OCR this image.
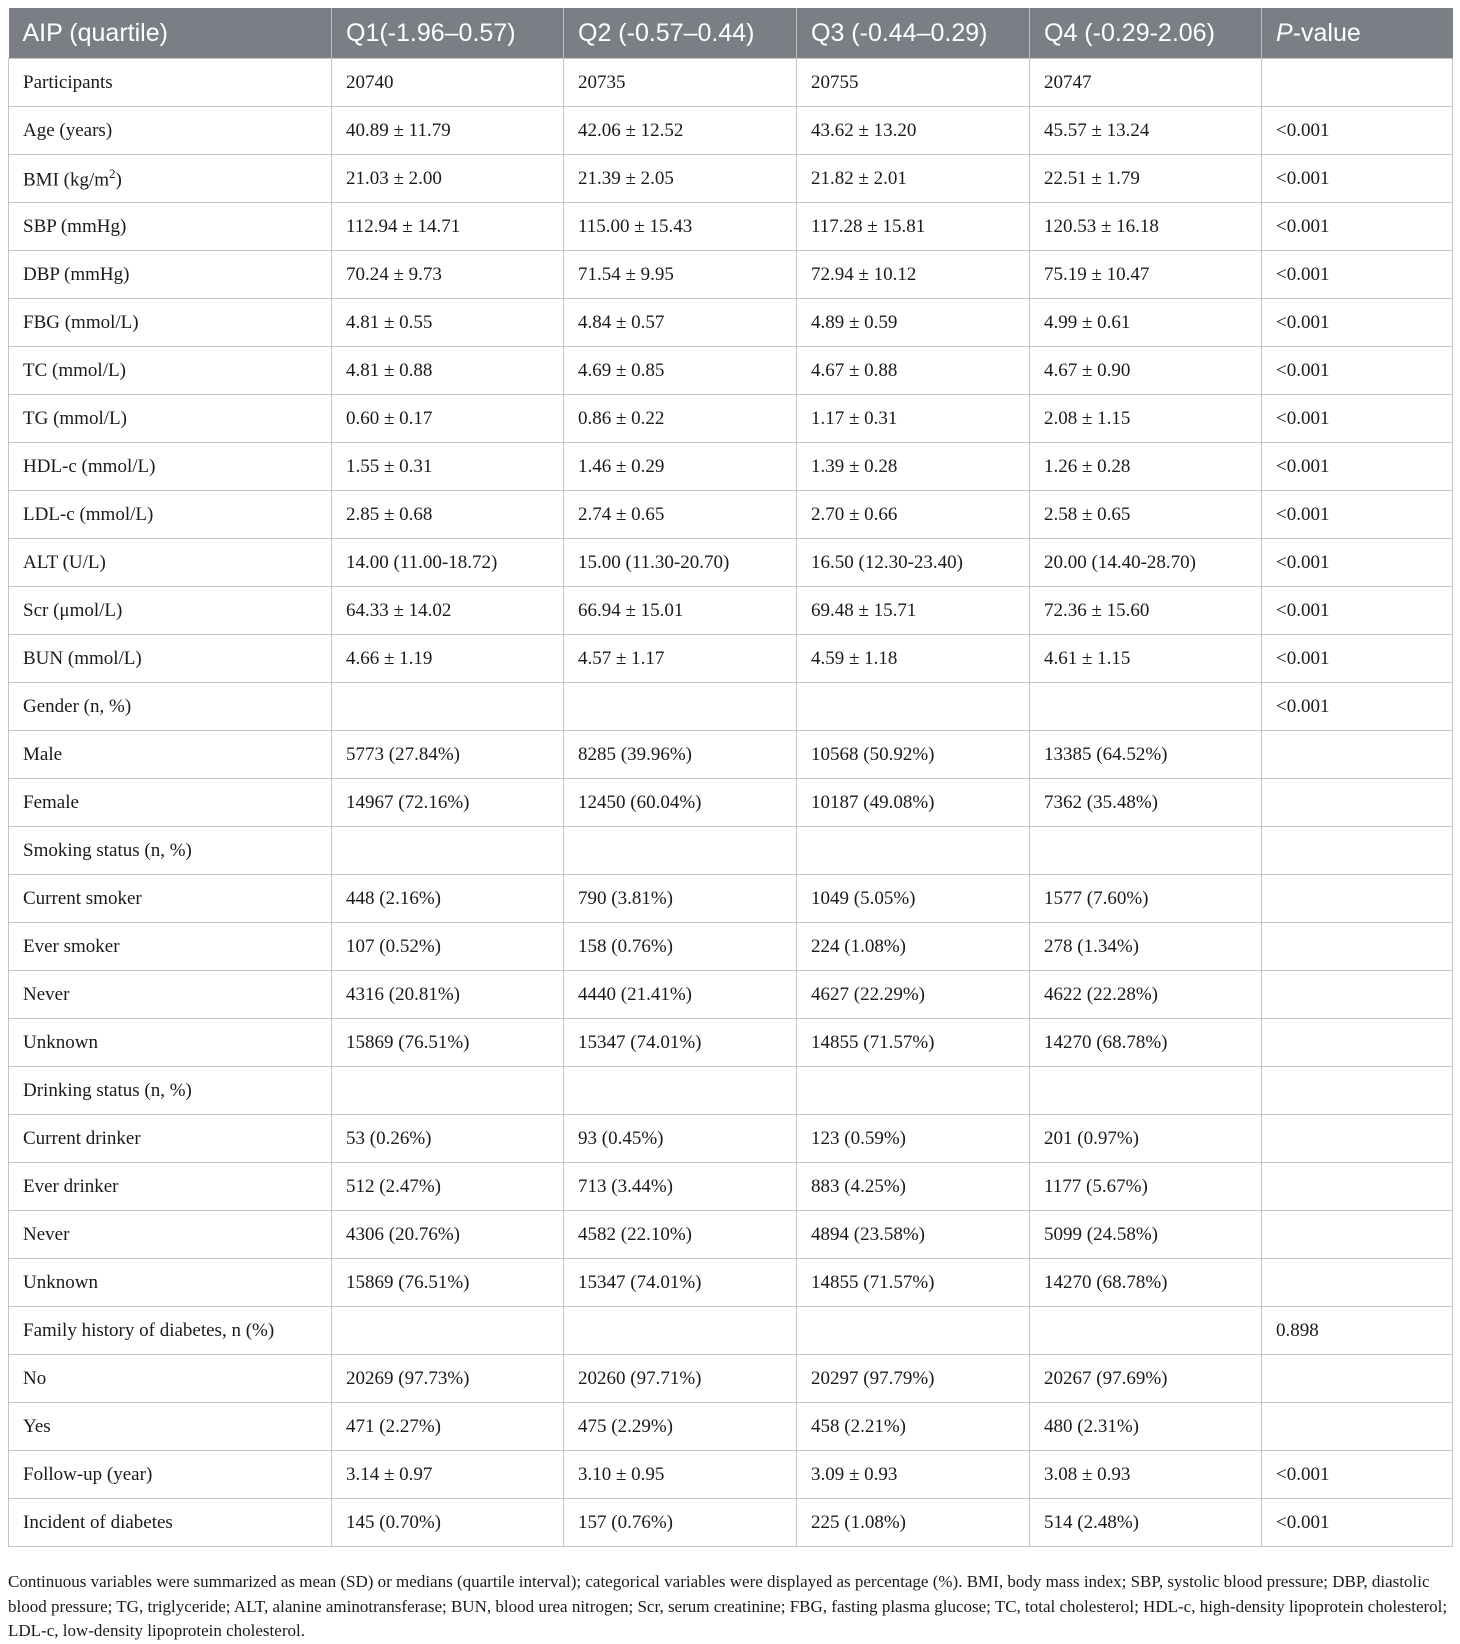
AIP (quartile)	Q1(-1.96–0.57)	Q2 (-0.57–0.44)	Q3 (-0.44–0.29)	Q4 (-0.29-2.06)	P-value
Participants	20740	20735	20755	20747	
Age (years)	40.89 ± 11.79	42.06 ± 12.52	43.62 ± 13.20	45.57 ± 13.24	<0.001
BMI $(kg/m^2)$	21.03 ± 2.00	21.39 ± 2.05	21.82 ± 2.01	22.51 ± 1.79	<0.001
SBP (mmHg)	112.94 ± 14.71	115.00 ± 15.43	117.28 ± 15.81	120.53 ± 16.18	<0.001
DBP (mmHg)	70.24 ± 9.73	71.54 ± 9.95	72.94 ± 10.12	75.19 ± 10.47	<0.001
FBG (mmol/L)	4.81 ± 0.55	4.84 ± 0.57	4.89 ± 0.59	4.99 ± 0.61	<0.001
TC (mmol/L)	4.81 ± 0.88	4.69 ± 0.85	4.67 ± 0.88	4.67 ± 0.90	<0.001
TG (mmol/L)	0.60 ± 0.17	0.86 ± 0.22	1.17 ± 0.31	2.08 ± 1.15	<0.001
HDL-c (mmol/L)	1.55 ± 0.31	1.46 ± 0.29	1.39 ± 0.28	1.26 ± 0.28	<0.001
LDL-c (mmol/L)	2.85 ± 0.68	2.74 ± 0.65	2.70 ± 0.66	2.58 ± 0.65	<0.001
ALT (U/L)	14.00 (11.00-18.72)	15.00 (11.30-20.70)	16.50 (12.30-23.40)	20.00 (14.40-28.70)	<0.001
Scr (μmol/L)	64.33 ± 14.02	66.94 ± 15.01	69.48 ± 15.71	72.36 ± 15.60	<0.001
BUN (mmol/L)	4.66 ± 1.19	4.57 ± 1.17	4.59 ± 1.18	4.61 ± 1.15	<0.001
Gender (n, %)					<0.001
Male	5773 (27.84%)	8285 (39.96%)	10568 (50.92%)	13385 (64.52%)	
Female	14967 (72.16%)	12450 (60.04%)	10187 (49.08%)	7362 (35.48%)	
Smoking status (n, %)					
Current smoker	448 (2.16%)	790 (3.81%)	1049 (5.05%)	1577 (7.60%)	
Ever smoker	107 (0.52%)	158 (0.76%)	224 (1.08%)	278 (1.34%)	
Never	4316 (20.81%)	4440 (21.41%)	4627 (22.29%)	4622 (22.28%)	
Unknown	15869 (76.51%)	15347 (74.01%)	14855 (71.57%)	14270 (68.78%)	
Drinking status (n, %)					
Current drinker	53 (0.26%)	93 (0.45%)	123 (0.59%)	201 (0.97%)	
Ever drinker	512 (2.47%)	713 (3.44%)	883 (4.25%)	1177 (5.67%)	
Never	4306 (20.76%)	4582 (22.10%)	4894 (23.58%)	5099 (24.58%)	
Unknown	15869 (76.51%)	15347 (74.01%)	14855 (71.57%)	14270 (68.78%)	
Family history of diabetes, n (%)					0.898
No	20269 (97.73%)	20260 (97.71%)	20297 (97.79%)	20267 (97.69%)	
Yes	471 (2.27%)	475 (2.29%)	458 (2.21%)	480 (2.31%)	
Follow-up (year)	3.14 ± 0.97	3.10 ± 0.95	3.09 ± 0.93	3.08 ± 0.93	<0.001
Incident of diabetes	145 (0.70%)	157 (0.76%)	225 (1.08%)	514 (2.48%)	<0.001
Continuous variables were summarized as mean (SD) or medians (quartile interval); categorical variables were displayed as percentage (%). BMI, body mass index; SBP, systolic blood pressure; DBP, diastolic blood pressure; TG, triglyceride; ALT, alanine aminotransferase; BUN, blood urea nitrogen; Scr, serum creatinine; FBG, fasting plasma glucose; TC, total cholesterol; HDL-c, high-density lipoprotein cholesterol; LDL-c, low-density lipoprotein cholesterol.
